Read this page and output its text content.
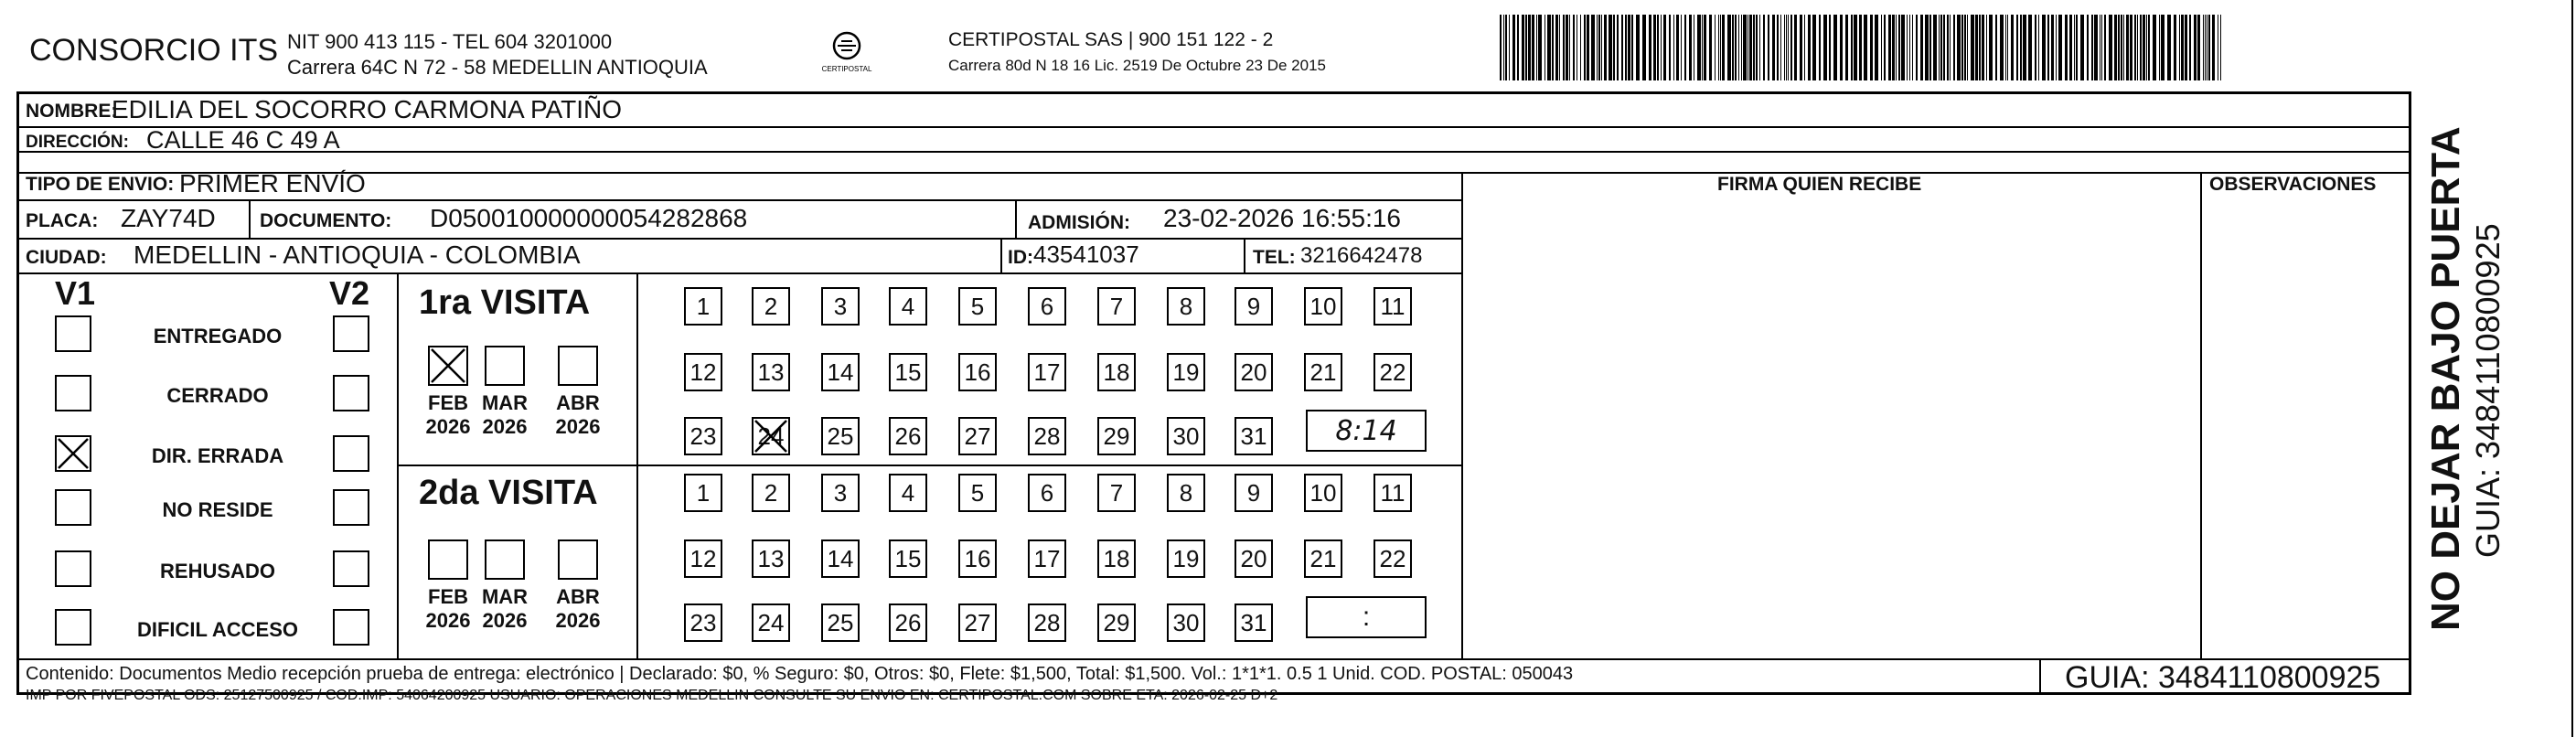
CONSORCIO ITS NIT 900 413 115 - TEL 604 3201000
Carrera 64C N 72 - 58 MEDELLIN ANTIOQUIA	CERTIPOSTAL
CERTIPOSTAL SAS | 900 151 122 - 2
Carrera 80d N 18 16 Lic. 2519 De Octubre 23 De 2015
NOMBRE:
EDILIA DEL SOCORRO CARMONA PATIÑO
DIRECCIÓN: CALLE 46 C 49 A
TIPO DE ENVIO: PRIMER ENVÍO	FIRMA QUIEN RECIBE	OBSERVACIONES
PLACA: ZAY74D DOCUMENTO: D050010000000054282868	ADMISIÓN: 23-02-2026 16:55:16
CIUDAD: MEDELLIN - ANTIOQUIA - COLOMBIA	ID: 43541037	TEL: 3216642478
V1	V2 1ra VISITA
8:14
2da VISITA
:
Contenido: Documentos Medio recepción prueba de entrega: electrónico | Declarado: $0, % Seguro: $0, Otros: $0, Flete: $1,500, Total: $1,500. Vol.: 1*1*1. 0.5 1 Unid. COD. POSTAL: 050043
IMP POR FIVEPOSTAL ODS: 25127500925 / COD.IMP: 54064200925 USUARIO: OPERACIONES MEDELLIN CONSULTE SU ENVIO EN: CERTIPOSTAL.COM SOBRE ETA: 2026-02-25 D+2
GUIA: 3484110800925
NO DEJAR BAJO PUERTA GUIA: 3484110800925
ENTREGADO
CERRADO
DIR. ERRADA
NO RESIDE
REHUSADO
DIFICIL ACCESO
FEB
2026
MAR
2026
ABR
2026
FEB
2026
MAR
2026
ABR
2026
1	2	3	4	5	6	7	8	9	10 11
12 13 14 15 16 17 18 19 20 21 22
23 24 25 26 27 28 29 30 31
1	2	3	4	5	6	7	8	9	10 11
12 13 14 15 16 17 18 19 20 21 22
23 24 25 26 27 28 29 30 31
